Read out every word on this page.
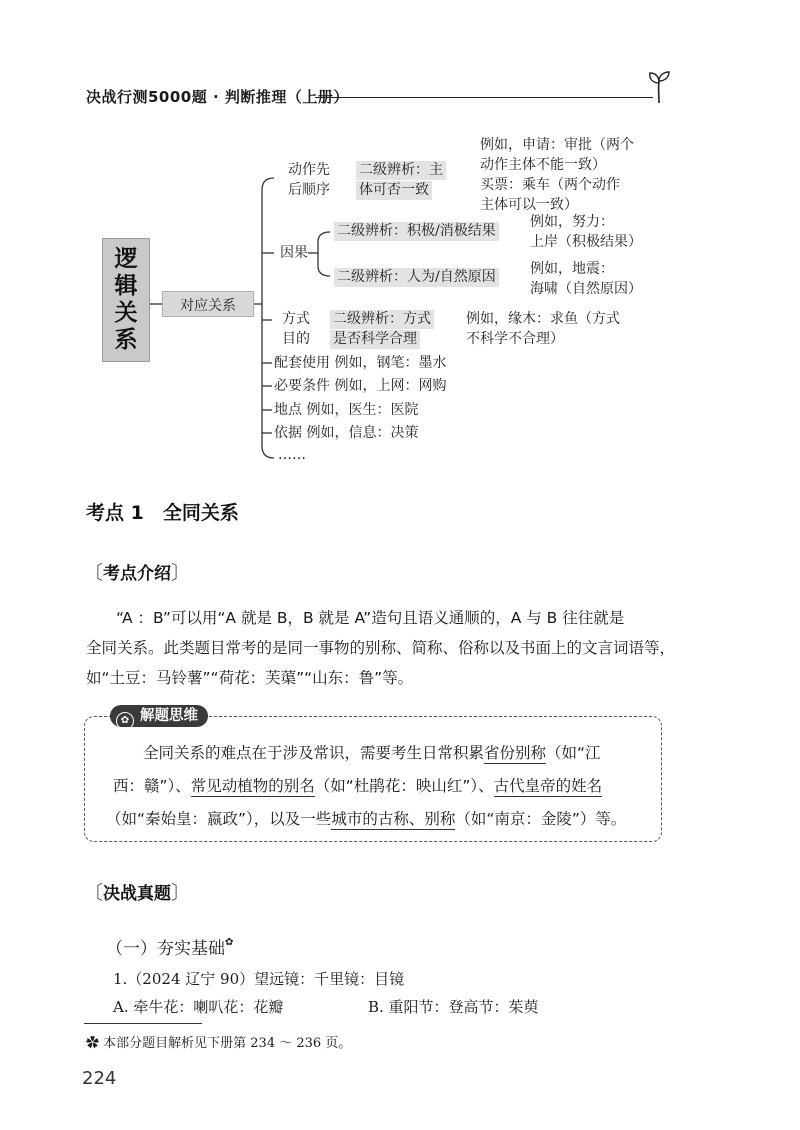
决战行测5000题 · 判断推理（上册）
逻
辑
关
系
对应关系
动作先
后顺序
二级辨析：主
体可否一致
例如，申请：审批（两个
动作主体不能一致）
买票：乘车（两个动作
主体可以一致）
因果
二级辨析：积极/消极结果
例如，努力：
上岸（积极结果）
二级辨析：人为/自然原因 例如，地震：
海啸（自然原因）
方式
目的
二级辨析：方式
是否科学合理
例如，缘木：求鱼（方式
不科学不合理）
配套使用 例如，钢笔：墨水
必要条件 例如，上网：网购
地点 例如，医生：医院
依据 例如，信息：决策
……
考点 1　全同关系
〔考点介绍〕
“A ：B”可以用“A 就是 B，B 就是 A”造句且语义通顺的，A 与 B 往往就是
全同关系。此类题目常考的是同一事物的别称、简称、俗称以及书面上的文言词语等，
如“土豆：马铃薯”“荷花：芙蕖”“山东：鲁”等。
✿ 解题思维
全同关系的难点在于涉及常识，需要考生日常积累省份别称（如“江
西：赣”）、常见动植物的别名（如“杜鹃花：映山红”）、古代皇帝的姓名
（如“秦始皇：嬴政”），以及一些城市的古称、别称（如“南京：金陵”）等。
〔决战真题〕
（一）夯实基础✿
1.（2024 辽宁 90）望远镜：千里镜：目镜
A. 牵牛花：喇叭花：花瓣	B. 重阳节：登高节：茱萸
✿ 本部分题目解析见下册第 234 ～ 236 页。
224
